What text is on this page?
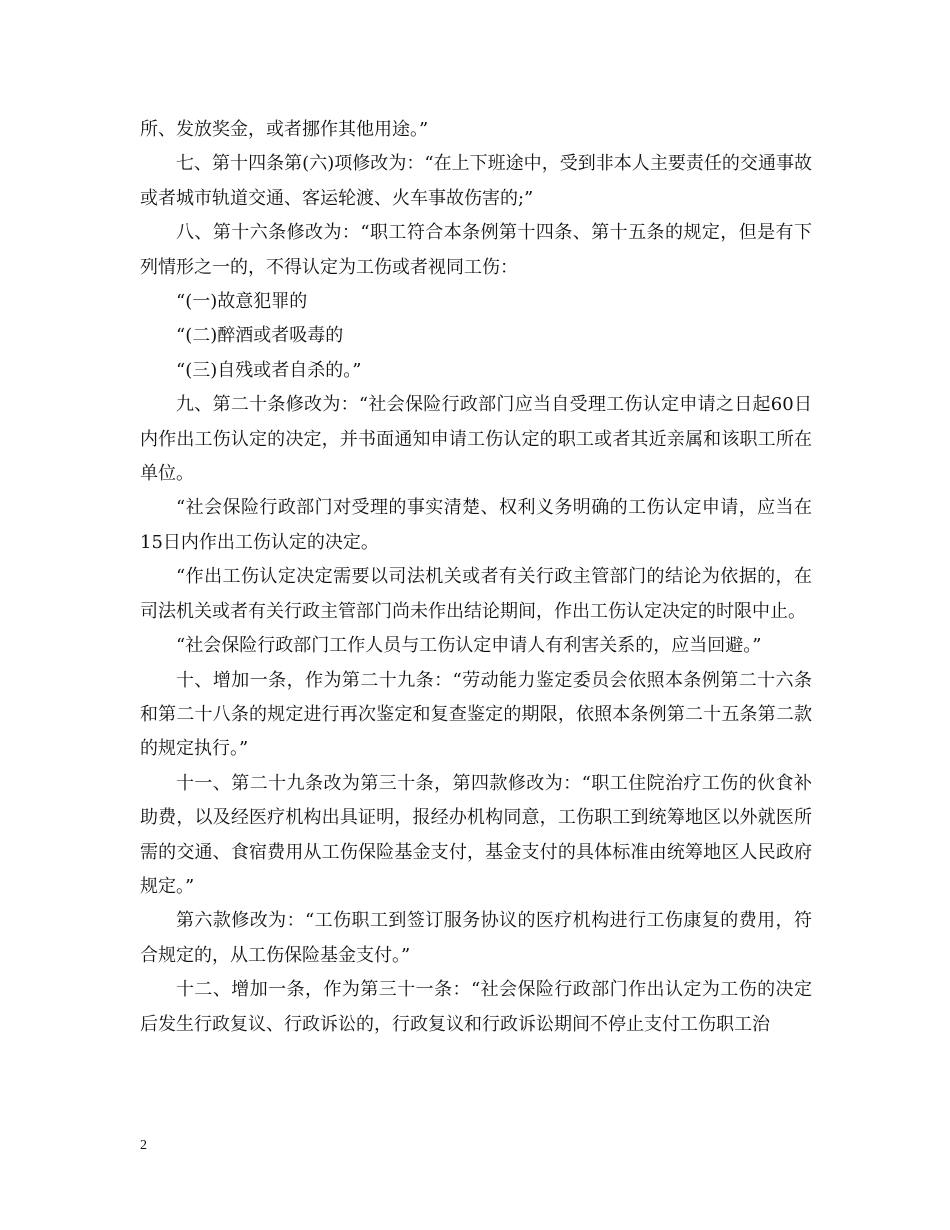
所、发放奖金，或者挪作其他用途。”

七、第十四条第(六)项修改为：“在上下班途中，受到非本人主要责任的交通事故或者城市轨道交通、客运轮渡、火车事故伤害的;”

八、第十六条修改为：“职工符合本条例第十四条、第十五条的规定，但是有下列情形之一的，不得认定为工伤或者视同工伤：

“(一)故意犯罪的

“(二)醉酒或者吸毒的

“(三)自残或者自杀的。”

九、第二十条修改为：“社会保险行政部门应当自受理工伤认定申请之日起60日内作出工伤认定的决定，并书面通知申请工伤认定的职工或者其近亲属和该职工所在单位。

“社会保险行政部门对受理的事实清楚、权利义务明确的工伤认定申请，应当在15日内作出工伤认定的决定。

“作出工伤认定决定需要以司法机关或者有关行政主管部门的结论为依据的，在司法机关或者有关行政主管部门尚未作出结论期间，作出工伤认定决定的时限中止。

“社会保险行政部门工作人员与工伤认定申请人有利害关系的，应当回避。”

十、增加一条，作为第二十九条：“劳动能力鉴定委员会依照本条例第二十六条和第二十八条的规定进行再次鉴定和复查鉴定的期限，依照本条例第二十五条第二款的规定执行。”

十一、第二十九条改为第三十条，第四款修改为：“职工住院治疗工伤的伙食补助费，以及经医疗机构出具证明，报经办机构同意，工伤职工到统筹地区以外就医所需的交通、食宿费用从工伤保险基金支付，基金支付的具体标准由统筹地区人民政府规定。”

第六款修改为：“工伤职工到签订服务协议的医疗机构进行工伤康复的费用，符合规定的，从工伤保险基金支付。”

十二、增加一条，作为第三十一条：“社会保险行政部门作出认定为工伤的决定后发生行政复议、行政诉讼的，行政复议和行政诉讼期间不停止支付工伤职工治

2
